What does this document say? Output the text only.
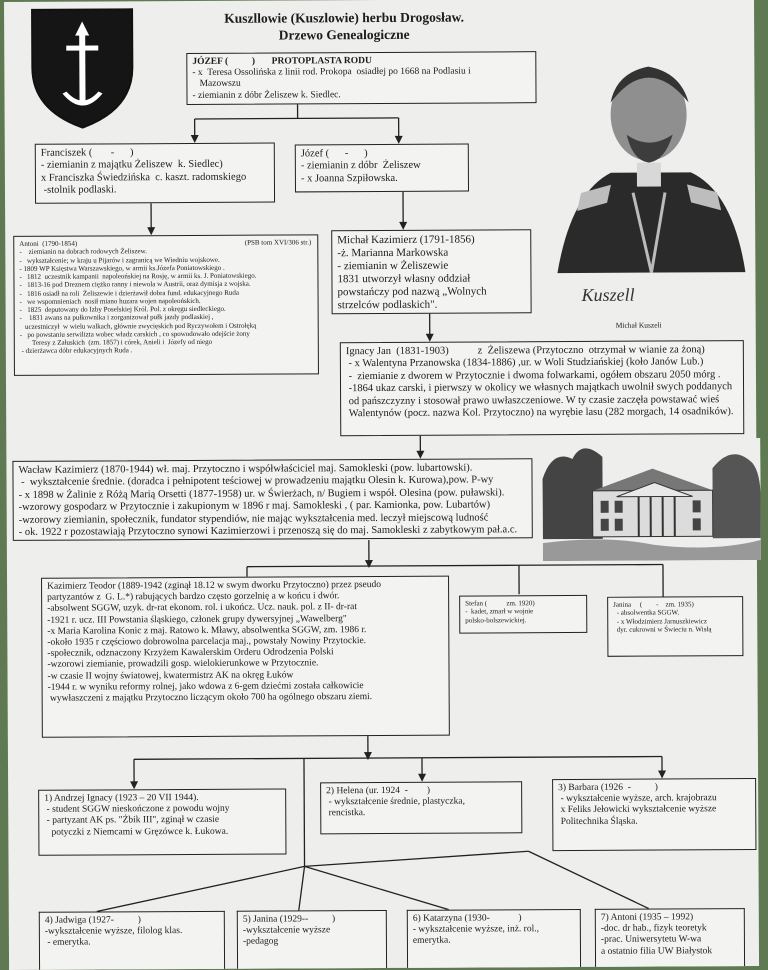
Kuszllowie (Kuszlowie) herbu Drogosław.
Drzewo Genealogiczne
JÓZEF (          )       PROTOPLASTA RODU
- x  Teresa Ossolińska z linii rod. Prokopa  osiadłej po 1668 na Podlasiu i
Mazowszu
- ziemianin z dóbr Żeliszew k. Siedlec.
Franciszek (       -      )
- ziemianin z majątku Żeliszew  k. Siedlec)
x Franciszka Świedzińska  c. kaszt. radomskiego
-stolnik podlaski.
Józef (      -      )
- ziemianin z dóbr  Żeliszew
- x Joanna Szpiłowska.
(PSB tom XVI/306 str.)
Antoni  (1790-1854)
-    ziemianin na dobrach rodowych Żeliszew.
-   wykształcenie; w kraju u Pijarów i zagranicą we Wiedniu wojskowe.
- 1809 WP Księstwa Warszawskiego, w armii ks.Józefa Poniatowskiego .
-   1812  uczestnik kampanii  napoleońskiej na Rosję, w armii ks. J. Poniatowskiego.
-   1813-16 pod Dreznem ciężko ranny i niewola w Austrii, oraz dymisja z wojska.
-   1816 osiadł na roli  Żeliszewie i dzierżawił dobra fund. edukacyjnego Ruda
-   we wspomnieniach  nosił miano huzara wojen napoleońskich.
-   1825  deputowany do Izby Poselskiej Król. Pol. z okręgu siedleckiego.
-    1831 awans na pułkownika i zorganizował pułk jazdy podlaskiej ,
uczestniczył  w wielu walkach, głównie zwycięskich pod Ryczywołem i Ostrołęką
-   po powstaniu serwilizta wobec władz carskich , co spowodowało odejście żony
Teresy z Załuskich  (zm. 1857) i córek, Anieli i  Józefy od niego
- dzierżawca dóbr edukacyjnych Ruda .
Michał Kazimierz (1791-1856)
-ż. Marianna Markowska
- ziemianin w Żeliszewie
1831 utworzył własny oddział
powstańczy pod nazwą „Wolnych
strzelców podlaskich".	Kuszell
Michał Kuszeli
Ignacy Jan  (1831-1903)           z  Żeliszewa (Przytoczno  otrzymał w wianie za żoną)
- x Walentyna Przanowska (1834-1886) ,ur. w Woli Studziańskiej (koło Janów Lub.)
-  ziemianie z dworem w Przytocznie i dwoma folwarkami, ogółem obszaru 2050 mórg .
-1864 ukaz carski, i pierwszy w okolicy we własnych majątkach uwolnił swych poddanych
od pańszczyzny i stosował prawo uwłaszczeniowe. W ty czasie zaczęła powstawać wieś
Walentynów (pocz. nazwa Kol. Przytoczno) na wyrębie lasu (282 morgach, 14 osadników).
Wacław Kazimierz (1870-1944) wł. maj. Przytoczno i współwłaściciel maj. Samokleski (pow. lubartowski).
-  wykształcenie średnie. (doradca i pełnipotent teściowej w prowadzeniu majątku Olesin k. Kurowa),pow. P-wy
- x 1898 w Żalinie z Różą Marią Orsetti (1877-1958) ur. w Świerżach, n/ Bugiem i współ. Olesina (pow. puławski).
-wzorowy gospodarz w Przytocznie i zakupionym w 1896 r maj. Samokleski , ( par. Kamionka, pow. Lubartów)
-wzorowy ziemianin, społecznik, fundator stypendiów, nie mając wykształcenia med. leczył miejscową ludność
- ok. 1922 r pozostawiają Przytoczno synowi Kazimierzowi i przenoszą się do maj. Samokleski z zabytkowym pał.a.c.
Kazimierz Teodor (1889-1942 (zginął 18.12 w swym dworku Przytoczno) przez pseudo
partyzantów z  G. L.*) rabujących bardzo często gorzelnię a w końcu i dwór.
-absolwent SGGW, uzyk. dr-rat ekonom. rol. i ukończ. Ucz. nauk. pol. z II- dr-rat
-1921 r. ucz. III Powstania śląskiego, członek grupy dywersyjnej „Wawelberg"
-x Maria Karolina Konic z maj. Ratowo k. Mławy, absolwentka SGGW, zm. 1986 r.
-około 1935 r częściowo dobrowolna parcelacja maj., powstały Nowiny Przytockie.
-społecznik, odznaczony Krzyżem Kawalerskim Orderu Odrodzenia Polski
-wzorowi ziemianie, prowadzili gosp. wielokierunkowe w Przytocznie.
-w czasie II wojny światowej, kwatermistrz AK na okręg Łuków
-1944 r. w wyniku reformy rolnej, jako wdowa z 6-gem dziećmi została całkowicie
wywłaszczeni z majątku Przytoczno liczącym około 700 ha ogólnego obszaru ziemi.
Stefan (           zm. 1920)
-  kadet, zmarł w wojnie
polsko-bolszewickiej.
Janina     (        -    zm. 1935)
- absolwentka SGGW.
- x Włodzimierz Jarnuszkiewicz
dyr. cukrowni w Świeciu n. Wisłą
1) Andrzej Ignacy (1923 – 20 VII 1944).
- student SGGW nieskończone z powodu wojny
- partyzant AK ps. "Żbik III", zginął w czasie
potyczki z Niemcami w Gręzówce k. Łukowa.
2) Helena (ur. 1924  -        )
- wykształcenie średnie, plastyczka,
rencistka.
3) Barbara (1926  -          )
- wykształcenie wyższe, arch. krajobrazu
x Feliks Jełowicki wykształcenie wyższe
Politechnika Śląska.
4) Jadwiga (1927-          )
-wykształcenie wyższe, filolog klas.
- emerytka.
5) Janina (1929--          )
-wykształcenie wyższe
-pedagog
6) Katarzyna (1930-            )
- wykształcenie wyższe, inż. rol.,
emerytka.
7) Antoni (1935 – 1992)
-doc. dr hab., fizyk teoretyk
-prac. Uniwersytetu W-wa
a ostatnio filia UW Białystok
